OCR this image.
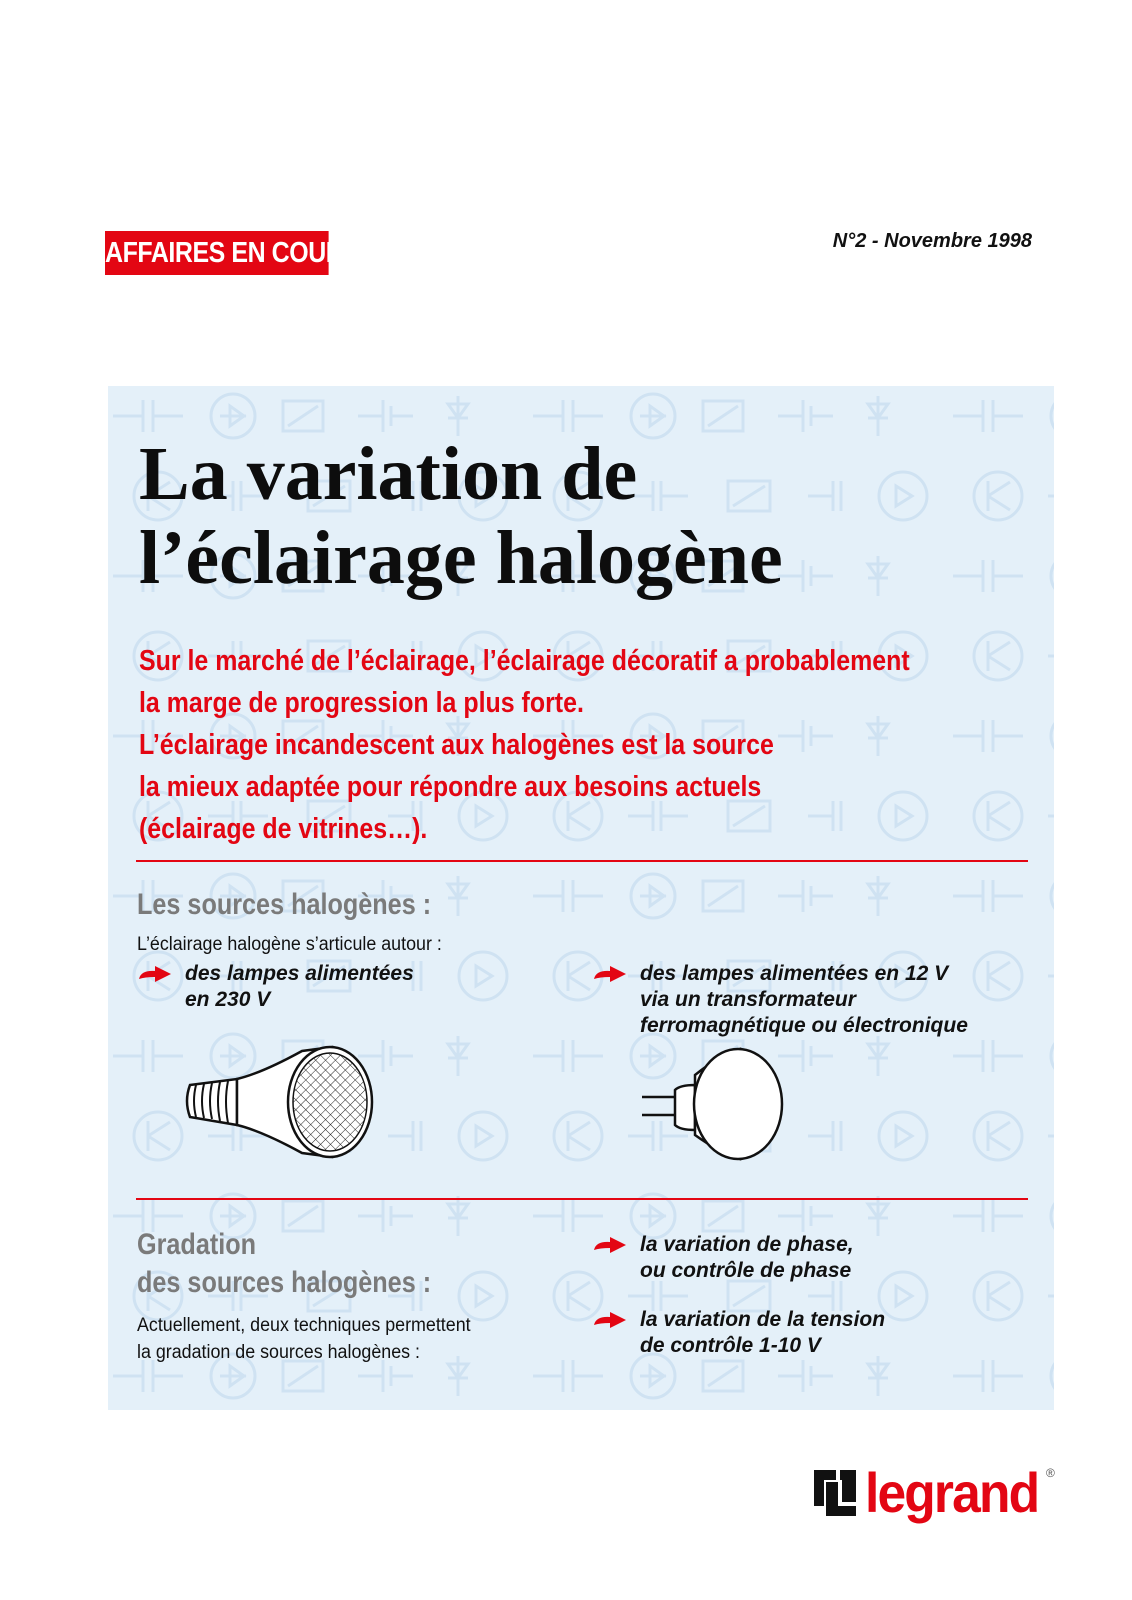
AFFAIRES EN COURS	N°2 - Novembre 1998
La variation de
l’éclairage halogène
Sur le marché de l’éclairage, l’éclairage décoratif a probablement
la marge de progression la plus forte.
L’éclairage incandescent aux halogènes est la source
la mieux adaptée pour répondre aux besoins actuels
(éclairage de vitrines…).
Les sources halogènes :
L’éclairage halogène s’articule autour :
des lampes alimentées
en 230 V
des lampes alimentées en 12 V
via un transformateur
ferromagnétique ou électronique
Gradation
des sources halogènes :
Actuellement, deux techniques permettent
la gradation de sources halogènes :
la variation de phase,
ou contrôle de phase
la variation de la tension
de contrôle 1-10 V
legrand ®
